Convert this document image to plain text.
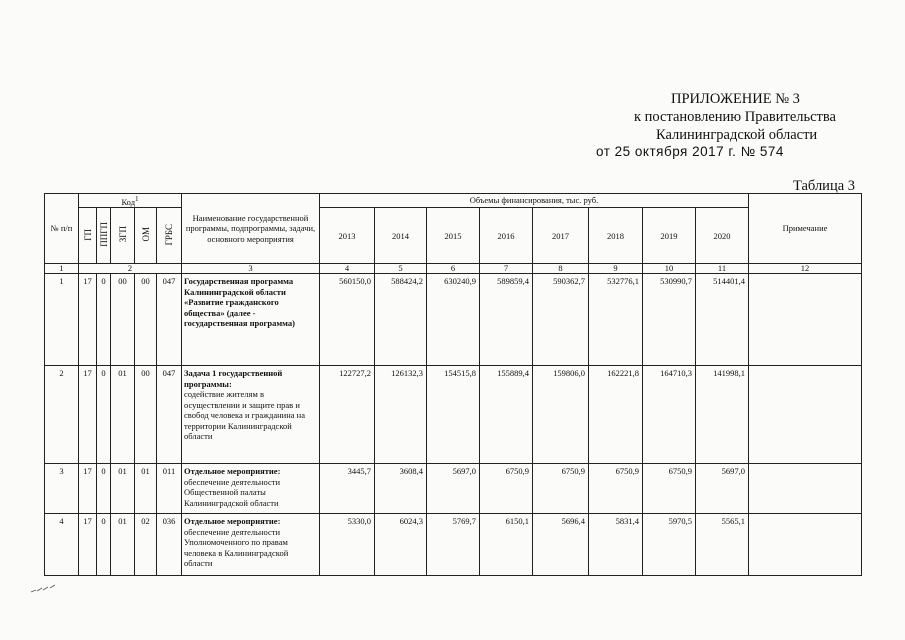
ПРИЛОЖЕНИЕ № 3
к постановлению Правительства
Калининградской области
от 25 октября 2017 г. № 574
Таблица 3
№ п/п	Код$^1$					Наименование государственной программы, подпрограммы, задачи, основного мероприятия	Объемы финансирования, тыс. руб.								Примечание
	ГП	ППГП	ЗГП	ОМ	ГРБС		2013	2014	2015	2016	2017	2018	2019	2020	
1	2					3	4	5	6	7	8	9	10	11	12
1	17	0	00	00	047	Государственная программа Калининградской области «Развитие гражданского общества» (далее - государственная программа)	560150,0	588424,2	630240,9	589859,4	590362,7	532776,1	530990,7	514401,4	
2	17	0	01	00	047	Задача 1 государственной программы:
содействие жителям в осуществлении и защите прав и свобод человека и гражданина на территории Калининградской области	122727,2	126132,3	154515,8	155889,4	159806,0	162221,8	164710,3	141998,1	
3	17	0	01	01	011	Отдельное мероприятие:
обеспечение деятельности Общественной палаты Калининградской области	3445,7	3608,4	5697,0	6750,9	6750,9	6750,9	6750,9	5697,0	
4	17	0	01	02	036	Отдельное мероприятие:
обеспечение деятельности Уполномоченного по правам человека в Калининградской области	5330,0	6024,3	5769,7	6150,1	5696,4	5831,4	5970,5	5565,1	
